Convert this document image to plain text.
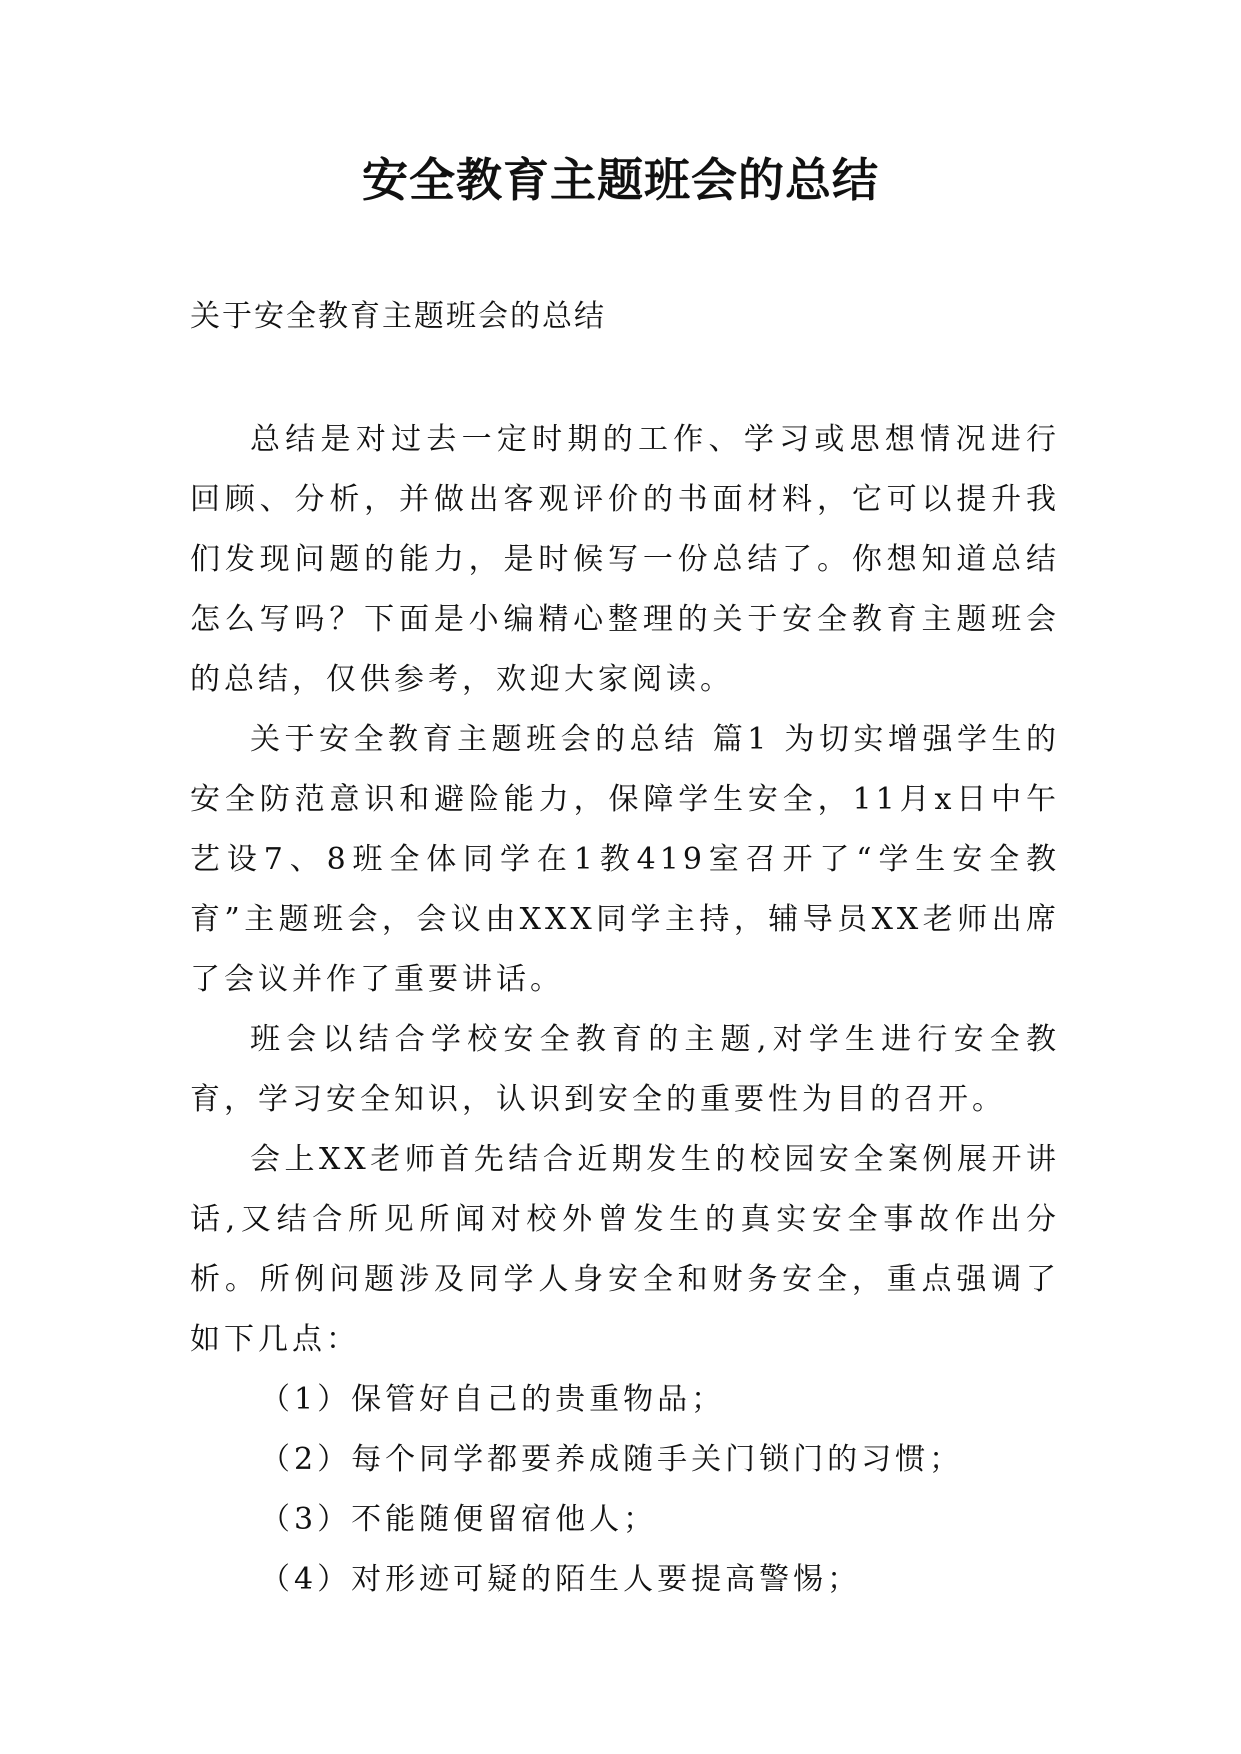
安全教育主题班会的总结
关于安全教育主题班会的总结

总结是对过去一定时期的工作、学习或思想情况进行回顾、分析，并做出客观评价的书面材料，它可以提升我们发现问题的能力，是时候写一份总结了。你想知道总结怎么写吗？下面是小编精心整理的关于安全教育主题班会的总结，仅供参考，欢迎大家阅读。

关于安全教育主题班会的总结 篇1 为切实增强学生的安全防范意识和避险能力，保障学生安全，11月x日中午艺设7、8班全体同学在1教419室召开了“学生安全教育”主题班会，会议由XXX同学主持，辅导员XX老师出席了会议并作了重要讲话。

班会以结合学校安全教育的主题,对学生进行安全教育，学习安全知识，认识到安全的重要性为目的召开。

会上XX老师首先结合近期发生的校园安全案例展开讲话,又结合所见所闻对校外曾发生的真实安全事故作出分析。所例问题涉及同学人身安全和财务安全，重点强调了如下几点：

（1）保管好自己的贵重物品；

（2）每个同学都要养成随手关门锁门的习惯；

（3）不能随便留宿他人；

（4）对形迹可疑的陌生人要提高警惕；
